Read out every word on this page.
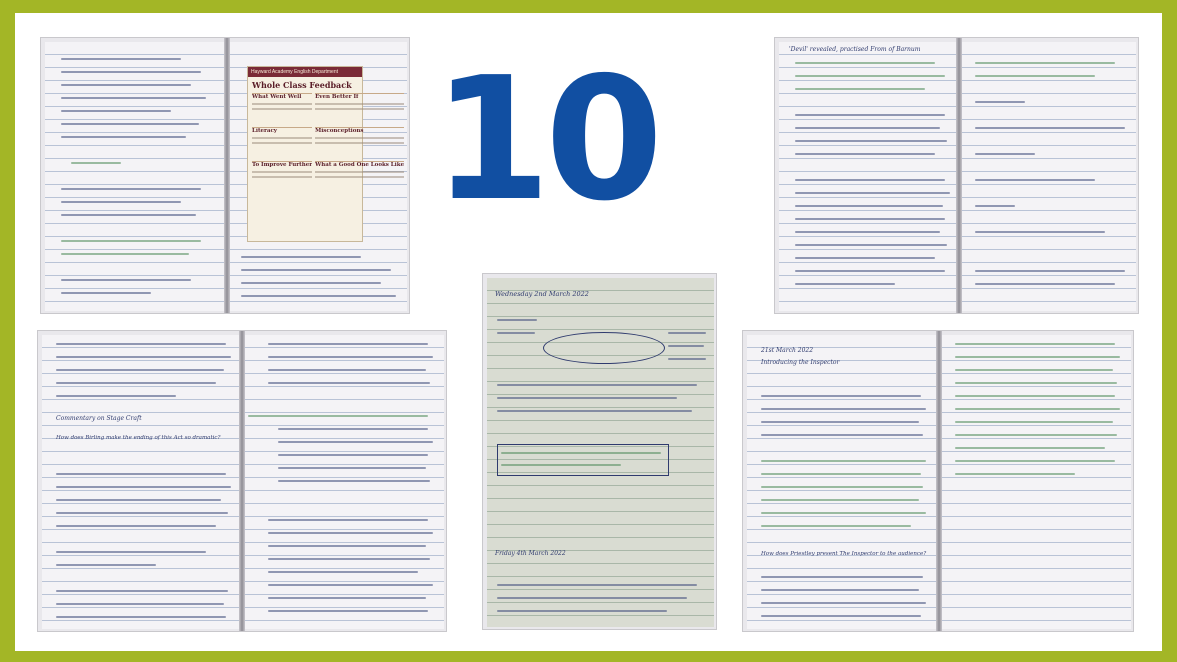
10
Hayward Academy English Department
Whole Class Feedback
What Went Well	Even Better If
Literacy	Misconceptions
To Improve Further What a Good One Looks Like
'Devil' revealed, practised From of Barnum
Commentary on Stage Craft
How does Birling make the ending of this Act so dramatic?
Wednesday 2nd March 2022
Friday 4th March 2022
21st March 2022
Introducing the Inspector
How does Priestley present The Inspector to the audience?
